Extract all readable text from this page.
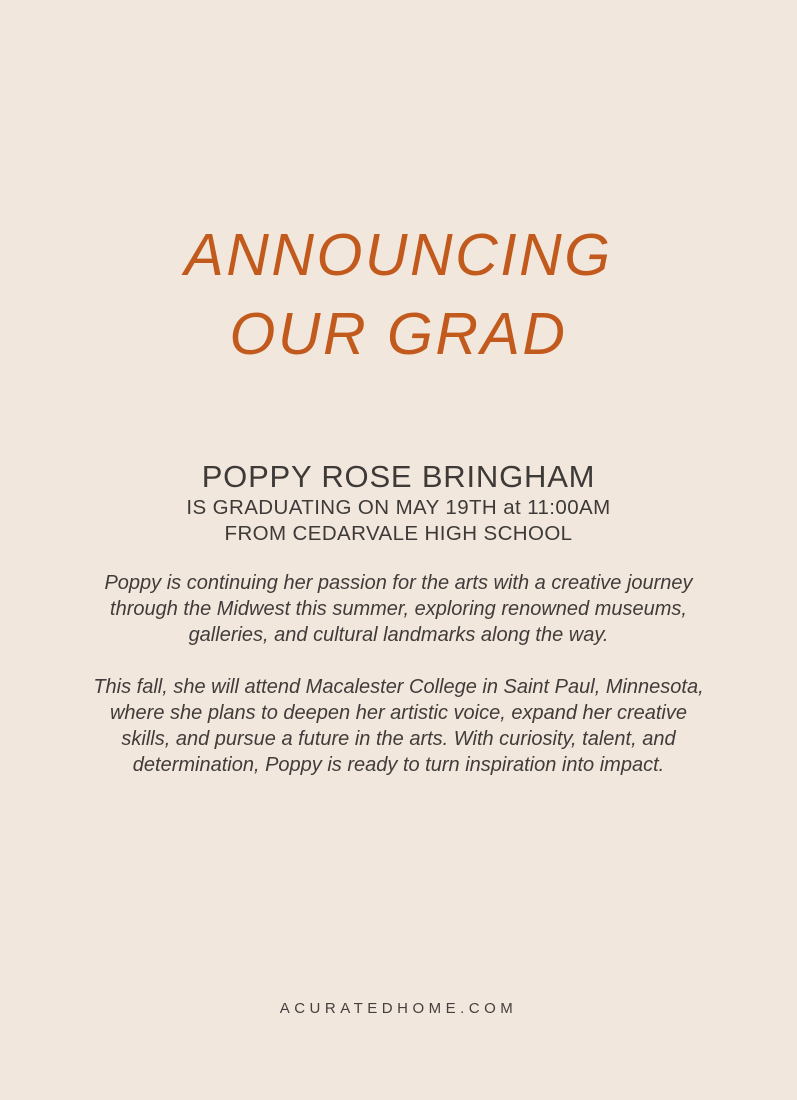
ANNOUNCING
OUR GRAD
POPPY ROSE BRINGHAM
IS GRADUATING ON MAY 19TH at 11:00AM
FROM CEDARVALE HIGH SCHOOL

Poppy is continuing her passion for the arts with a creative journey through the Midwest this summer, exploring renowned museums, galleries, and cultural landmarks along the way.

This fall, she will attend Macalester College in Saint Paul, Minnesota, where she plans to deepen her artistic voice, expand her creative skills, and pursue a future in the arts. With curiosity, talent, and determination, Poppy is ready to turn inspiration into impact.

ACURATEDHOME.COM
